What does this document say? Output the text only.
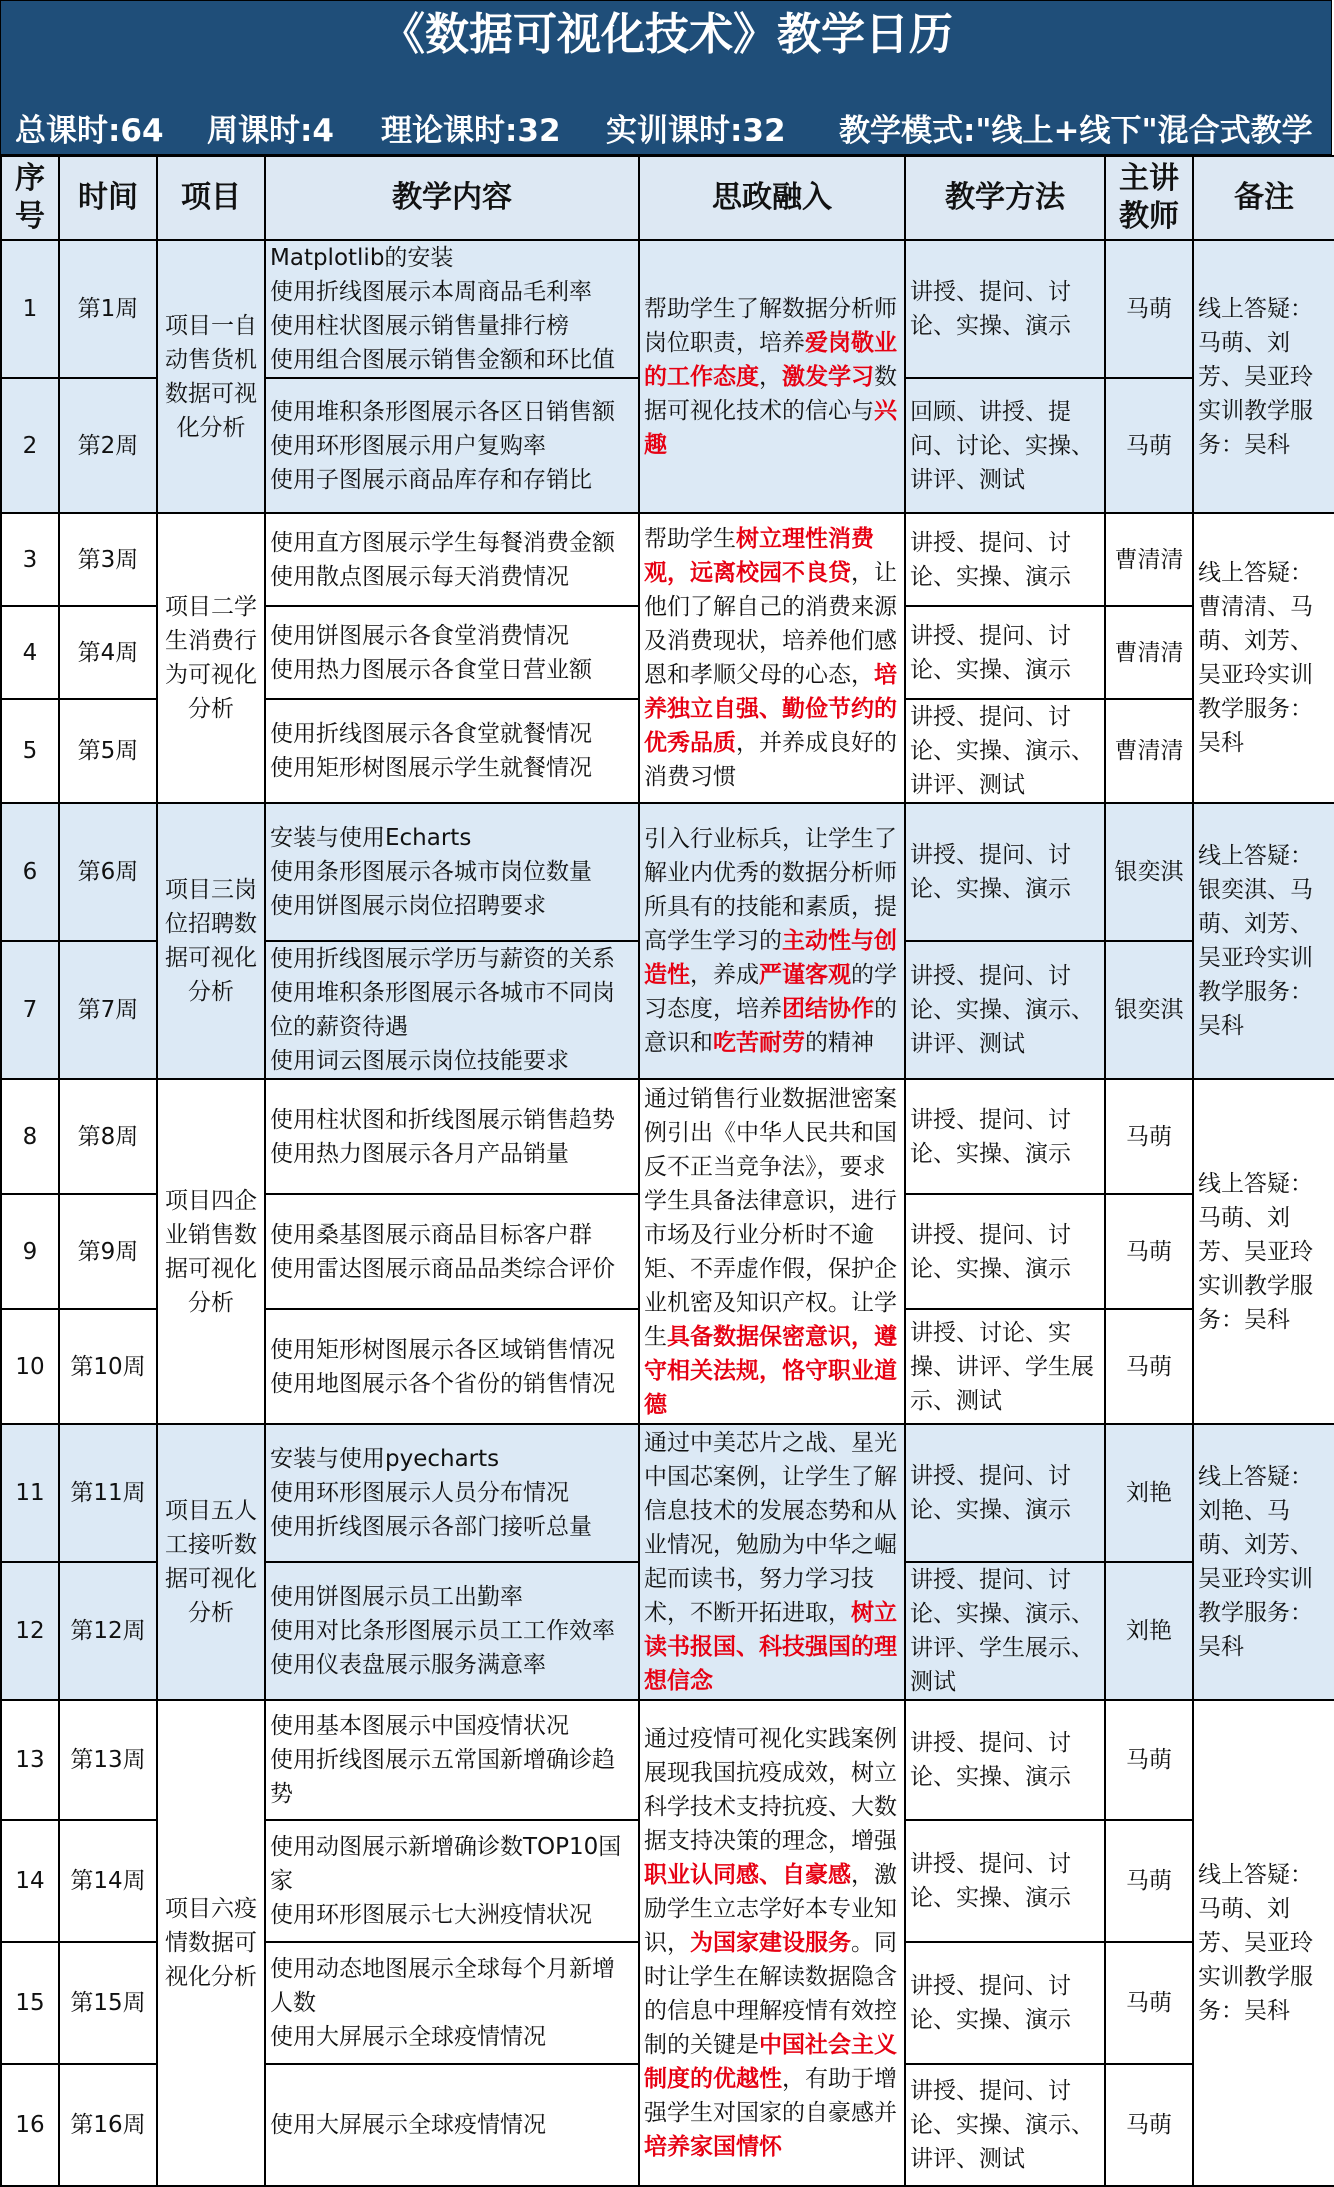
《数据可视化技术》教学日历
总课时:64 周课时:4 理论课时:32 实训课时:32 教学模式:"线上+线下"混合式教学
序号	时间	项目	教学内容	思政融入	教学方法	主讲教师	备注
1	第1周	项目一自动售货机数据可视化分析	Matplotlib的安装
使用折线图展示本周商品毛利率
使用柱状图展示销售量排行榜
使用组合图展示销售金额和环比值	帮助学生了解数据分析师岗位职责，培养爱岗敬业的工作态度，激发学习数据可视化技术的信心与兴趣	讲授、提问、讨论、实操、演示	马萌	线上答疑：马萌、刘芳、吴亚玲实训教学服务：吴科
2	第2周		使用堆积条形图展示各区日销售额
使用环形图展示用户复购率
使用子图展示商品库存和存销比		回顾、讲授、提问、讨论、实操、讲评、测试	马萌	
3	第3周	项目二学生消费行为可视化分析	使用直方图展示学生每餐消费金额
使用散点图展示每天消费情况	帮助学生树立理性消费观，远离校园不良贷，让他们了解自己的消费来源及消费现状，培养他们感恩和孝顺父母的心态，培养独立自强、勤俭节约的优秀品质，并养成良好的消费习惯	讲授、提问、讨论、实操、演示	曹清清	线上答疑：曹清清、马萌、刘芳、吴亚玲实训教学服务：吴科
4	第4周		使用饼图展示各食堂消费情况
使用热力图展示各食堂日营业额		讲授、提问、讨论、实操、演示	曹清清	
5	第5周		使用折线图展示各食堂就餐情况
使用矩形树图展示学生就餐情况		讲授、提问、讨论、实操、演示、讲评、测试	曹清清	
6	第6周	项目三岗位招聘数据可视化分析	安装与使用Echarts
使用条形图展示各城市岗位数量
使用饼图展示岗位招聘要求	引入行业标兵，让学生了解业内优秀的数据分析师所具有的技能和素质，提高学生学习的主动性与创造性，养成严谨客观的学习态度，培养团结协作的意识和吃苦耐劳的精神	讲授、提问、讨论、实操、演示	银奕淇	线上答疑：银奕淇、马萌、刘芳、吴亚玲实训教学服务：吴科
7	第7周		使用折线图展示学历与薪资的关系
使用堆积条形图展示各城市不同岗位的薪资待遇
使用词云图展示岗位技能要求		讲授、提问、讨论、实操、演示、讲评、测试	银奕淇	
8	第8周	项目四企业销售数据可视化分析	使用柱状图和折线图展示销售趋势
使用热力图展示各月产品销量	通过销售行业数据泄密案例引出《中华人民共和国反不正当竞争法》，要求学生具备法律意识，进行市场及行业分析时不逾矩、不弄虚作假，保护企业机密及知识产权。让学生具备数据保密意识，遵守相关法规，恪守职业道德	讲授、提问、讨论、实操、演示	马萌	线上答疑：马萌、刘芳、吴亚玲实训教学服务：吴科
9	第9周		使用桑基图展示商品目标客户群
使用雷达图展示商品品类综合评价		讲授、提问、讨论、实操、演示	马萌	
10	第10周		使用矩形树图展示各区域销售情况
使用地图展示各个省份的销售情况		讲授、讨论、实操、讲评、学生展示、测试	马萌	
11	第11周	项目五人工接听数据可视化分析	安装与使用pyecharts
使用环形图展示人员分布情况
使用折线图展示各部门接听总量	通过中美芯片之战、星光中国芯案例，让学生了解信息技术的发展态势和从业情况，勉励为中华之崛起而读书，努力学习技术，不断开拓进取，树立读书报国、科技强国的理想信念	讲授、提问、讨论、实操、演示	刘艳	线上答疑：刘艳、马萌、刘芳、吴亚玲实训教学服务：吴科
12	第12周		使用饼图展示员工出勤率
使用对比条形图展示员工工作效率
使用仪表盘展示服务满意率		讲授、提问、讨论、实操、演示、讲评、学生展示、测试	刘艳	
13	第13周	项目六疫情数据可视化分析	使用基本图展示中国疫情状况
使用折线图展示五常国新增确诊趋势	通过疫情可视化实践案例展现我国抗疫成效，树立科学技术支持抗疫、大数据支持决策的理念，增强职业认同感、自豪感，激励学生立志学好本专业知识，为国家建设服务。同时让学生在解读数据隐含的信息中理解疫情有效控制的关键是中国社会主义制度的优越性，有助于增强学生对国家的自豪感并培养家国情怀	讲授、提问、讨论、实操、演示	马萌	线上答疑：马萌、刘芳、吴亚玲实训教学服务：吴科
14	第14周		使用动图展示新增确诊数TOP10国家
使用环形图展示七大洲疫情状况		讲授、提问、讨论、实操、演示	马萌	
15	第15周		使用动态地图展示全球每个月新增人数
使用大屏展示全球疫情情况		讲授、提问、讨论、实操、演示	马萌	
16	第16周		使用大屏展示全球疫情情况		讲授、提问、讨论、实操、演示、讲评、测试	马萌	
